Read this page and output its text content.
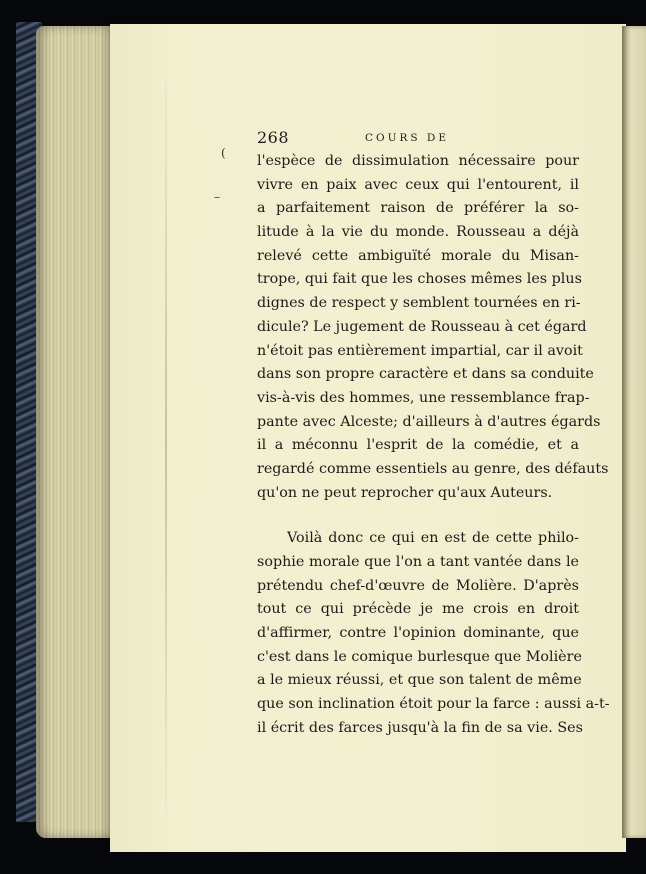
268	COURS DE
l'espèce de dissimulation nécessaire pour
vivre en paix avec ceux qui l'entourent, il
a parfaitement raison de préférer la so-
litude à la vie du monde. Rousseau a déjà
relevé cette ambiguïté morale du Misan-
trope, qui fait que les choses mêmes les plus
dignes de respect y semblent tournées en ri-
dicule? Le jugement de Rousseau à cet égard
n'étoit pas entièrement impartial, car il avoit
dans son propre caractère et dans sa conduite
vis-à-vis des hommes, une ressemblance frap-
pante avec Alceste; d'ailleurs à d'autres égards
il a méconnu l'esprit de la comédie, et a
regardé comme essentiels au genre, des défauts
qu'on ne peut reprocher qu'aux Auteurs.
Voilà donc ce qui en est de cette philo-
sophie morale que l'on a tant vantée dans le
prétendu chef-d'œuvre de Molière. D'après
tout ce qui précède je me crois en droit
d'affirmer, contre l'opinion dominante, que
c'est dans le comique burlesque que Molière
a le mieux réussi, et que son talent de même
que son inclination étoit pour la farce : aussi a-t-
il écrit des farces jusqu'à la fin de sa vie. Ses
(
–
